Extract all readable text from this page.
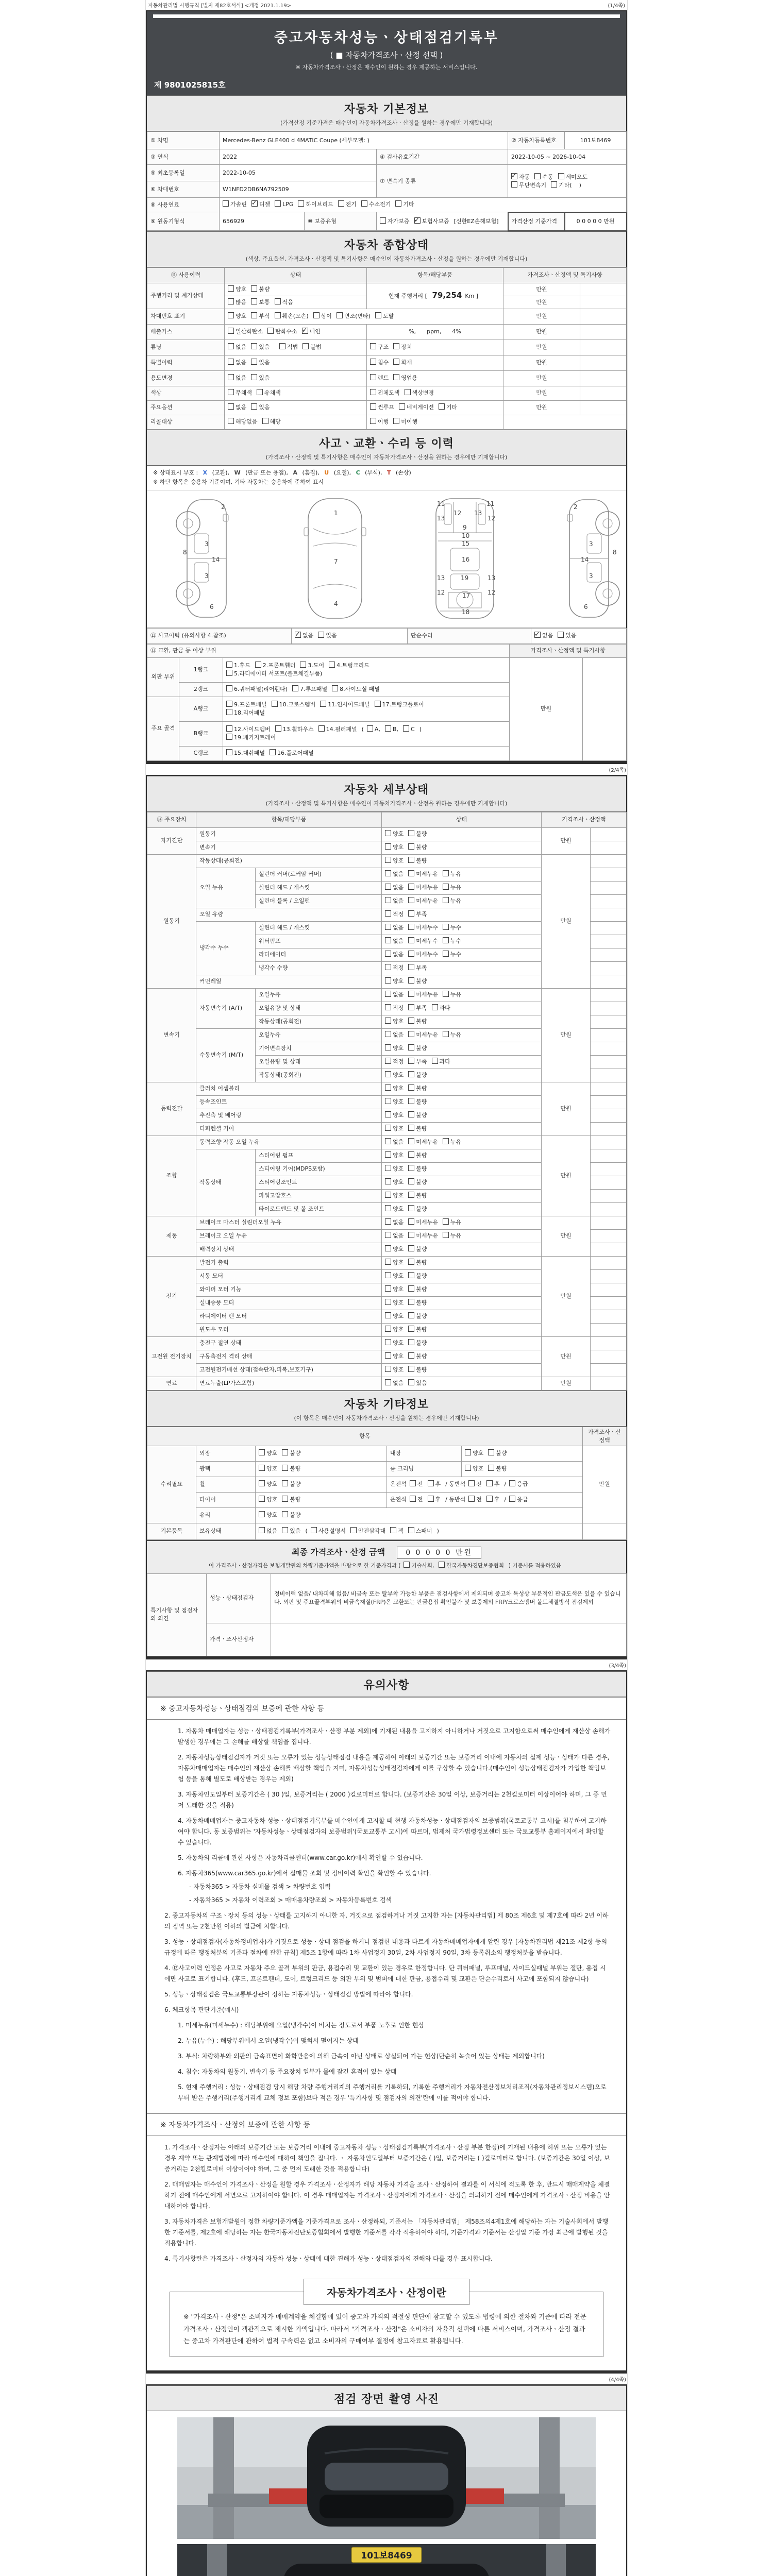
자동차관리법 시행규칙 [별지 제82호서식] <개정 2021.1.19>	(1/4쪽)
중고자동차성능ㆍ상태점검기록부
( ■ 자동차가격조사ㆍ산정 선택 )
※ 자동차가격조사ㆍ산정은 매수인이 원하는 경우 제공하는 서비스입니다.
제 9801025815호
자동차 기본정보
(가격산정 기준가격은 매수인이 자동차가격조사ㆍ산정을 원하는 경우에만 기재합니다)
① 차명	Mercedes-Benz GLE400 d 4MATIC Coupe (세부모델: )			② 자동차등록번호	101보8469
③ 연식	2022		④ 검사유효기간	2022-10-05 ~ 2026-10-04	
⑤ 최초등록일	2022-10-05		⑦ 변속기 종류	✓자동 수동 세미오토무단변속기 기타(    )
⑥ 차대번호	W1NFD2DB6NA792509				
⑧ 사용연료	가솔린 ✓ 디젤 LPG 하이브리드 전기 수소전기 기타
⑨ 원동기형식	656929	⑩ 보증유형	자가보증 ✓ 보험사보증 [신한EZ손해보험]	가격산정 기준가격	0 0 0 0 0 만원
자동차 종합상태
(색상, 주요옵션, 가격조사ㆍ산정액 및 특기사항은 매수인이 자동차가격조사ㆍ산정을 원하는 경우에만 기재합니다)
⑪ 사용이력	상태	항목/해당부품	가격조사ㆍ산정액 및 특기사항	
주행거리 및 계기상태	양호 불량	현재 주행거리 [ 79,254 Km ]	만원	
	많음 보통 적음		만원	
차대번호 표기	양호 부식 훼손(오손) 상이 변조(변타) 도말		만원	
배출가스	일산화탄소 탄화수소 ✓ 매연	%,      ppm,      4%	만원	
튜닝	없음 있음 적법 불법	구조 장치	만원	
특별이력	없음 있음	침수 화재	만원	
용도변경	없음 있음	렌트 영업용	만원	
색상	무채색 유채색	전체도색 색상변경	만원	
주요옵션	없음 있음	썬루프 네비게이션 기타	만원	
리콜대상	해당없음 해당	이행 미이행		
사고ㆍ교환ㆍ수리 등 이력
(가격조사ㆍ산정액 및 특기사항은 매수인이 자동차가격조사ㆍ산정을 원하는 경우에만 기재합니다)
※ 상태표시 부호 : X (교환), W (판금 또는 용접), A (흠집), U (요철), C (부식), T (손상)
※ 하단 항목은 승용차 기준이며, 기타 자동차는 승용차에 준하여 표시
2
8
3
14
3
6
1
7
4
11	11
12 13
13	12
9
10
15
16
19
13	13
12	12
17
18
2
8
3
14
3
6
⑫ 사고이력 (유의사항 4.참조)	✓없음 있음	단순수리	✓없음 있음
⑬ 교환, 판금 등 이상 부위			가격조사ㆍ산정액 및 특기사항	
외판 부위	1랭크	1.후드 2.프론트휀더 3.도어 4.트렁크리드
5.라디에이터 서포트(볼트체결부품)	만원	
	2랭크	6.쿼터패널(리어휀다) 7.루프패널 8.사이드실 패널		
주요 골격	A랭크	9.프론트패널 10.크로스멤버 11.인사이드패널 17.트렁크플로어
18.리어패널		
	B랭크	12.사이드멤버 13.휠하우스 14.필러패널 ( A, B, C )
19.패키지트레이		
	C랭크	15.대쉬패널 16.플로어패널		
(2/4쪽)
자동차 세부상태
(가격조사ㆍ산정액 및 특기사항은 매수인이 자동차가격조사ㆍ산정을 원하는 경우에만 기재합니다)
⑭ 주요장치	항목/해당부품		상태	가격조사ㆍ산정액	
자기진단	원동기		양호 불량	만원	
	변속기		양호 불량		
원동기	작동상태(공회전)		양호 불량	만원	
	오일 누유	실린더 커버(로커암 커버)	없음 미세누유 누유		
		실린더 헤드 / 개스킷	없음 미세누유 누유		
		실린더 블록 / 오일팬	없음 미세누유 누유		
	오일 유량		적정 부족		
	냉각수 누수	실린더 헤드 / 개스킷	없음 미세누수 누수		
		워터펌프	없음 미세누수 누수		
		라디에이터	없음 미세누수 누수		
		냉각수 수량	적정 부족		
	커먼레일		양호 불량		
변속기	자동변속기 (A/T)	오일누유	없음 미세누유 누유	만원	
		오일유량 및 상태	적정 부족 과다		
		작동상태(공회전)	양호 불량		
	수동변속기 (M/T)	오일누유	없음 미세누유 누유		
		기어변속장치	양호 불량		
		오일유량 및 상태	적정 부족 과다		
		작동상태(공회전)	양호 불량		
동력전달	클러치 어셈블리		양호 불량	만원	
	등속조인트		양호 불량		
	추진축 및 베어링		양호 불량		
	디퍼렌셜 기어		양호 불량		
조향	동력조향 작동 오일 누유		없음 미세누유 누유	만원	
	작동상태	스티어링 펌프	양호 불량		
		스티어링 기어(MDPS포함)	양호 불량		
		스티어링조인트	양호 불량		
		파워고압호스	양호 불량		
		타이로드엔드 및 볼 조인트	양호 불량		
제동	브레이크 마스터 실린더오일 누유		없음 미세누유 누유	만원	
	브레이크 오일 누유		없음 미세누유 누유		
	배력장치 상태		양호 불량		
전기	발전기 출력		양호 불량	만원	
	시동 모터		양호 불량		
	와이퍼 모터 기능		양호 불량		
	실내송풍 모터		양호 불량		
	라디에이터 팬 모터		양호 불량		
	윈도우 모터		양호 불량		
고전원 전기장치	충전구 절연 상태		양호 불량	만원	
	구동축전지 격리 상태		양호 불량		
	고전원전기배선 상태(접속단자,피복,보호기구)		양호 불량		
연료	연료누출(LP가스포함)		없음 있음	만원	
자동차 기타정보
(이 항목은 매수인이 자동차가격조사ㆍ산정을 원하는 경우에만 기재합니다)
항목					가격조사ㆍ산정액
수리필요	외장	양호 불량	내장	양호 불량	만원
	광택	양호 불량	룸 크리닝	양호 불량	
	휠	양호 불량	운전석 전 후 / 동반석 전 후 / 응급		
	타이어	양호 불량	운전석 전 후 / 동반석 전 후 / 응급		
	유리	양호 불량			
기본품목	보유상태	없음 있음 ( 사용설명서 안전삼각대 잭 스패너 )			
최종 가격조사ㆍ산정 금액	0 0 0 0 0 만원
이 가격조사ㆍ산정가격은 보험개발원의 차량기준가액을 바탕으로 한 기준가격과 ( 기술사회, 한국자동차진단보증협회 ) 기준서를 적용하였음
특기사항 및 점검자의 의견	성능ㆍ상태점검자	정비이력 없음/ 내차피해 없음/ 비금속 또는 탈부착 가능한 부품은 점검사항에서 제외되며 중고차 특성상 부분적인 판금도색은 있을 수 있습니다. 외판 및 주요골격부위의 비금속재질(FRP)은 교환또는 판금용접 확인불가 및 보증제외 FRP/크로스멤버 볼트체결방식 점검제외
	가격ㆍ조사산정자	
(3/4쪽)
유의사항
※ 중고자동차성능ㆍ상태점검의 보증에 관한 사항 등
1. 자동차 매매업자는 성능ㆍ상태점검기록부(가격조사ㆍ산정 부분 제외)에 기재된 내용을 고지하지 아니하거나 거짓으로 고지함으로써 매수인에게 재산상 손해가 발생한 경우에는 그 손해를 배상할 책임을 집니다.
2. 자동차성능상태점검자가 거짓 또는 오류가 있는 성능상태점검 내용을 제공하여 아래의 보증기간 또는 보증거리 이내에 자동차의 실제 성능ㆍ상태가 다른 경우, 자동차매매업자는 매수인의 재산상 손해를 배상할 책임을 지며, 자동차성능상태점검자에게 이를 구상할 수 있습니다.(매수인이 성능상태점검자가 가입한 책임보험 등을 통해 별도로 배상받는 경우는 제외)
3. 자동차인도일부터 보증기간은 ( 30 )일, 보증거리는 ( 2000 )킬로미터로 합니다. (보증기간은 30일 이상, 보증거리는 2천킬로미터 이상이어야 하며, 그 중 먼저 도래한 것을 적용)
4. 자동차매매업자는 중고자동차 성능ㆍ상태점검기록부를 매수인에게 고지할 때 현행 자동차성능ㆍ상태점검자의 보증범위(국토교통부 고시)를 첨부하여 고지하여야 합니다. 동 보증범위는 '자동차성능ㆍ상태점검자의 보증범위'(국토교통부 고시)에 따르며, 법제처 국가법령정보센터 또는 국토교통부 홈페이지에서 확인할 수 있습니다.
5. 자동차의 리콜에 관한 사항은 자동차리콜센터(www.car.go.kr)에서 확인할 수 있습니다.
6. 자동차365(www.car365.go.kr)에서 실매물 조회 및 정비이력 확인을 확인할 수 있습니다.
- 자동차365 > 자동차 실매물 검색 > 차량번호 입력
- 자동차365 > 자동차 이력조회 > 매매용차량조회 > 자동차등록번호 검색
2. 중고자동차의 구조ㆍ장치 등의 성능ㆍ상태를 고지하지 아니한 자, 거짓으로 점검하거나 거짓 고지한 자는 [자동차관리법] 제 80조 제6호 및 제7호에 따라 2년 이하의 징역 또는 2천만원 이하의 벌금에 처합니다.
3. 성능ㆍ상태점검자(자동차정비업자)가 거짓으로 성능ㆍ상태 점검을 하거나 점검한 내용과 다르게 자동차매매업자에게 알린 경우 [자동차관리법 제21조 제2항 등의 규정에 따른 행정처분의 기준과 절차에 관한 규칙] 제5조 1항에 따라 1차 사업정지 30일, 2차 사업정지 90일, 3차 등록취소의 행정처분을 받습니다.
4. ⑫사고이력 인정은 사고로 자동차 주요 골격 부위의 판금, 용접수리 및 교환이 있는 경우로 한정합니다. 단 쿼터패널, 루프패널, 사이드실패널 부위는 절단, 용접 시에만 사고로 표기합니다. (후드, 프론트펜더, 도어, 트렁크리드 등 외판 부위 및 범퍼에 대한 판금, 용접수리 및 교환은 단순수리로서 사고에 포함되지 않습니다)
5. 성능ㆍ상태점검은 국토교통부장관이 정하는 자동차성능ㆍ상태점검 방법에 따라야 합니다.
6. 체크항목 판단기준(예시)
1. 미세누유(미세누수) : 해당부위에 오일(냉각수)이 비치는 정도로서 부품 노후로 인한 현상
2. 누유(누수) : 해당부위에서 오일(냉각수)이 맺혀서 떨어지는 상태
3. 부식: 차량하부와 외판의 금속표면이 화학반응에 의해 금속이 아닌 상태로 상실되어 가는 현상(단순히 녹슬어 있는 상태는 제외합니다)
4. 침수: 자동차의 원동기, 변속기 등 주요장치 일부가 물에 잠긴 흔적이 있는 상태
5. 현재 주행거리 : 성능ㆍ상태점검 당시 해당 차량 주행거리계의 주행거리를 기록하되, 기록한 주행거리가 자동차전산정보처리조직(자동차관리정보시스템)으로부터 받은 주행거리(주행거리계 교체 정보 포함)보다 적은 경우 '특기사항 및 점검자의 의견'란에 이를 적어야 합니다.
※ 자동차가격조사ㆍ산정의 보증에 관한 사항 등
1. 가격조사ㆍ산정자는 아래의 보증기간 또는 보증거리 이내에 중고자동차 성능ㆍ상태점검기록부(가격조사ㆍ산정 부분 한정)에 기재된 내용에 허위 또는 오류가 있는 경우 계약 또는 관계법령에 따라 매수인에 대하여 책임을 집니다. ㆍ 자동차인도일부터 보증기간은 ( )일, 보증거리는 ( )킬로미터로 합니다. (보증기간은 30일 이상, 보증거리는 2천킬로미터 이상이어야 하며, 그 중 먼저 도래한 것을 적용합니다)
2. 매매업자는 매수인이 가격조사ㆍ산정을 원할 경우 가격조사ㆍ산정자가 해당 자동차 가격을 조사ㆍ산정하여 결과를 이 서식에 적도록 한 후, 반드시 매매계약을 체결하기 전에 매수인에게 서면으로 고지하여야 합니다. 이 경우 매매업자는 가격조사ㆍ산정자에게 가격조사ㆍ산정을 의뢰하기 전에 매수인에게 가격조사ㆍ산정 비용을 안내하여야 합니다.
3. 자동차가격은 보험개발원이 정한 차량기준가액을 기준가격으로 조사ㆍ산정하되, 기준서는 「자동차관리법」 제58조의4제1호에 해당하는 자는 기술사회에서 발행한 기준서를, 제2호에 해당하는 자는 한국자동차진단보증협회에서 발행한 기준서를 각각 적용하여야 하며, 기준가격과 기준서는 산정일 기준 가장 최근에 발행된 것을 적용합니다.
4. 특기사항란은 가격조사ㆍ산정자의 자동차 성능ㆍ상태에 대한 견해가 성능ㆍ상태점검자의 견해와 다를 경우 표시합니다.
자동차가격조사ㆍ산정이란
※ "가격조사ㆍ산정"은 소비자가 매매계약을 체결함에 있어 중고차 가격의 적절성 판단에 참고할 수 있도록 법령에 의한 절차와 기준에 따라 전문 가격조사ㆍ산정인이 객관적으로 제시한 가액입니다. 따라서 "가격조사ㆍ산정"은 소비자의 자율적 선택에 따른 서비스이며, 가격조사ㆍ산정 결과는 중고차 가격판단에 관하여 법적 구속력은 없고 소비자의 구매여부 결정에 참고자료로 활용됩니다.
(4/4쪽)
점검 장면 촬영 사진
101보8469
